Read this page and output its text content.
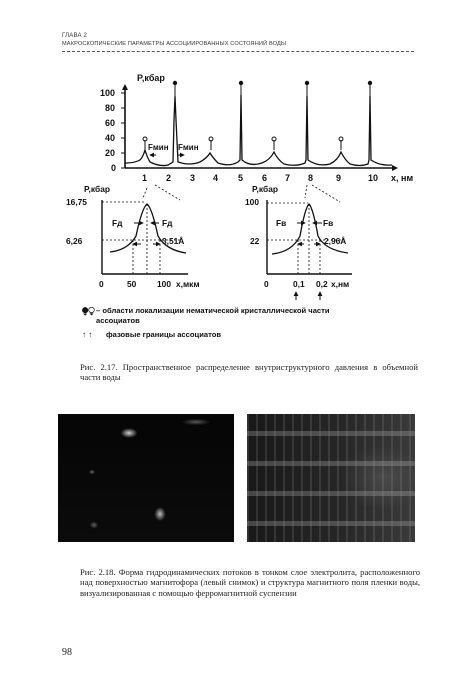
ГЛАВА 2
МАКРОСКОПИЧЕСКИЕ ПАРАМЕТРЫ АССОЦИИРОВАННЫХ СОСТОЯНИЙ ВОДЫ
P,кбар
100
80
60
40
20
0
1 2 3 4 5 6 7 8	9	10 x, нм
Fмин Fмин
P,кбар
16,75
6,26	3,51Å
Fд	Fд
0	50 100 x,мкм
P,кбар
100
22	2,96Å
Fв	Fв
0	0,1 0,2 x,нм
⧭⧬– области локализации нематической кристаллической части
ассоциатов
↑ ↑ фазовые границы ассоциатов
Рис. 2.17. Пространственное распределение внутриструктурного давления в объемной части воды
Рис. 2.18. Форма гидродинамических потоков в тонком слое электролита, расположенного над поверхностью магнитофора (левый снимок) и структура магнитного поля пленки воды, визуализированная с помощью ферромагнитной суспензии
98
